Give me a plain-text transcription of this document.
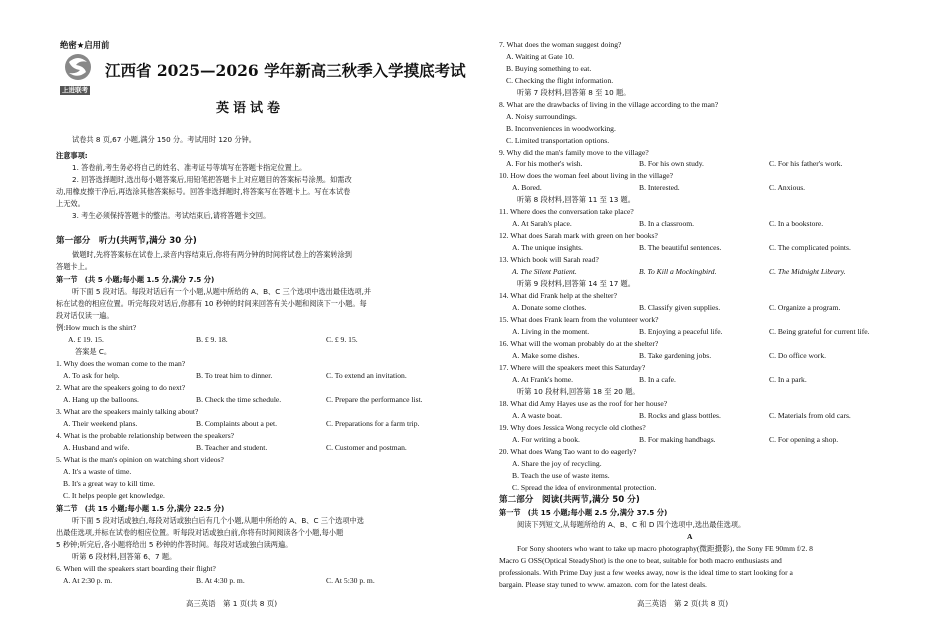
绝密★启用前
上进联考
江西省 2025—2026 学年新高三秋季入学摸底考试
英语试卷
试卷共 8 页,67 小题,满分 150 分。考试用时 120 分钟。
注意事项:
1. 答卷前,考生务必将自己的姓名、准考证号等填写在答题卡指定位置上。
2. 回答选择题时,选出每小题答案后,用铅笔把答题卡上对应题目的答案标号涂黑。如需改
动,用橡皮擦干净后,再选涂其他答案标号。回答非选择题时,将答案写在答题卡上。写在本试卷
上无效。
3. 考生必须保持答题卡的整洁。考试结束后,请将答题卡交回。
第一部分　听力(共两节,满分 30 分)
做题时,先将答案标在试卷上,录音内容结束后,你将有两分钟的时间将试卷上的答案转涂到
答题卡上。
第一节　(共 5 小题;每小题 1.5 分,满分 7.5 分)
听下面 5 段对话。每段对话后有一个小题,从题中所给的 A、B、C 三个选项中选出最佳选项,并
标在试卷的相应位置。听完每段对话后,你都有 10 秒钟的时间来回答有关小题和阅读下一小题。每
段对话仅读一遍。
例:How much is the shirt?
A. £ 19. 15.	B. £ 9. 18.	C. £ 9. 15.
答案是 C。
1. Why does the woman come to the man?
A. To ask for help.	B. To treat him to dinner.	C. To extend an invitation.
2. What are the speakers going to do next?
A. Hang up the balloons.	B. Check the time schedule.	C. Prepare the performance list.
3. What are the speakers mainly talking about?
A. Their weekend plans.	B. Complaints about a pet.	C. Preparations for a farm trip.
4. What is the probable relationship between the speakers?
A. Husband and wife.	B. Teacher and student.	C. Customer and postman.
5. What is the man's opinion on watching short videos?
A. It's a waste of time.
B. It's a great way to kill time.
C. It helps people get knowledge.
第二节　(共 15 小题;每小题 1.5 分,满分 22.5 分)
听下面 5 段对话或独白,每段对话或独白后有几个小题,从题中所给的 A、B、C 三个选项中选
出最佳选项,并标在试卷的相应位置。听每段对话或独白前,你将有时间阅读各个小题,每小题
5 秒钟;听完后,各小题将给出 5 秒钟的作答时间。每段对话或独白读两遍。
听第 6 段材料,回答第 6、7 题。
6. When will the speakers start boarding their flight?
A. At 2:30 p. m.	B. At 4:30 p. m.	C. At 5:30 p. m.
高三英语　第 1 页(共 8 页)
7. What does the woman suggest doing?
A. Waiting at Gate 10.
B. Buying something to eat.
C. Checking the flight information.
听第 7 段材料,回答第 8 至 10 题。
8. What are the drawbacks of living in the village according to the man?
A. Noisy surroundings.
B. Inconveniences in woodworking.
C. Limited transportation options.
9. Why did the man's family move to the village?
A. For his mother's wish.	B. For his own study.	C. For his father's work.
10. How does the woman feel about living in the village?
A. Bored.	B. Interested.	C. Anxious.
听第 8 段材料,回答第 11 至 13 题。
11. Where does the conversation take place?
A. At Sarah's place.	B. In a classroom.	C. In a bookstore.
12. What does Sarah mark with green on her books?
A. The unique insights.	B. The beautiful sentences.	C. The complicated points.
13. Which book will Sarah read?
A. The Silent Patient.	B. To Kill a Mockingbird.	C. The Midnight Library.
听第 9 段材料,回答第 14 至 17 题。
14. What did Frank help at the shelter?
A. Donate some clothes.	B. Classify given supplies.	C. Organize a program.
15. What does Frank learn from the volunteer work?
A. Living in the moment.	B. Enjoying a peaceful life.	C. Being grateful for current life.
16. What will the woman probably do at the shelter?
A. Make some dishes.	B. Take gardening jobs.	C. Do office work.
17. Where will the speakers meet this Saturday?
A. At Frank's home.	B. In a cafe.	C. In a park.
听第 10 段材料,回答第 18 至 20 题。
18. What did Amy Hayes use as the roof for her house?
A. A waste boat.	B. Rocks and glass bottles.	C. Materials from old cars.
19. Why does Jessica Wong recycle old clothes?
A. For writing a book.	B. For making handbags.	C. For opening a shop.
20. What does Wang Tao want to do eagerly?
A. Share the joy of recycling.
B. Teach the use of waste items.
C. Spread the idea of environmental protection.
第二部分　阅读(共两节,满分 50 分)
第一节　(共 15 小题;每小题 2.5 分,满分 37.5 分)
阅读下列短文,从每题所给的 A、B、C 和 D 四个选项中,选出最佳选项。
A
For Sony shooters who want to take up macro photography(微距摄影), the Sony FE 90mm f/2. 8
Macro G OSS(Optical SteadyShot) is the one to beat, suitable for both macro enthusiasts and
professionals. With Prime Day just a few weeks away, now is the ideal time to start looking for a
bargain. Please stay tuned to www. amazon. com for the latest deals.
高三英语　第 2 页(共 8 页)
